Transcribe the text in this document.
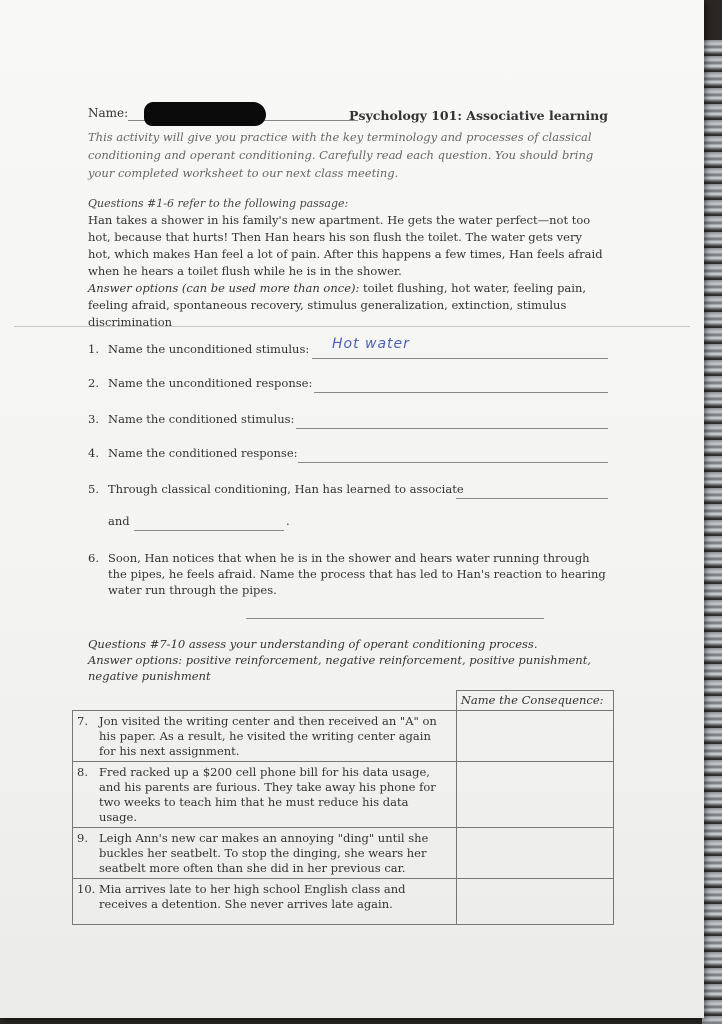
Name:	Psychology 101: Associative learning
This activity will give you practice with the key terminology and processes of classical conditioning and operant conditioning. Carefully read each question. You should bring your completed worksheet to our next class meeting.
Questions #1-6 refer to the following passage:
Han takes a shower in his family's new apartment. He gets the water perfect—not too hot, because that hurts! Then Han hears his son flush the toilet. The water gets very hot, which makes Han feel a lot of pain. After this happens a few times, Han feels afraid when he hears a toilet flush while he is in the shower.
Answer options (can be used more than once): toilet flushing, hot water, feeling pain, feeling afraid, spontaneous recovery, stimulus generalization, extinction, stimulus discrimination
1. Name the unconditioned stimulus: Hot water
2. Name the unconditioned response:
3. Name the conditioned stimulus:
4. Name the conditioned response:
5. Through classical conditioning, Han has learned to associate
and	.
6. Soon, Han notices that when he is in the shower and hears water running through the pipes, he feels afraid. Name the process that has led to Han's reaction to hearing water run through the pipes.
Questions #7-10 assess your understanding of operant conditioning process.
Answer options: positive reinforcement, negative reinforcement, positive punishment, negative punishment
	Name the Consequence:
7. Jon visited the writing center and then received an "A" on his paper. As a result, he visited the writing center again for his next assignment.	
8. Fred racked up a $200 cell phone bill for his data usage, and his parents are furious. They take away his phone for two weeks to teach him that he must reduce his data usage.	
9. Leigh Ann's new car makes an annoying "ding" until she buckles her seatbelt. To stop the dinging, she wears her seatbelt more often than she did in her previous car.	
10. Mia arrives late to her high school English class and receives a detention. She never arrives late again.	
